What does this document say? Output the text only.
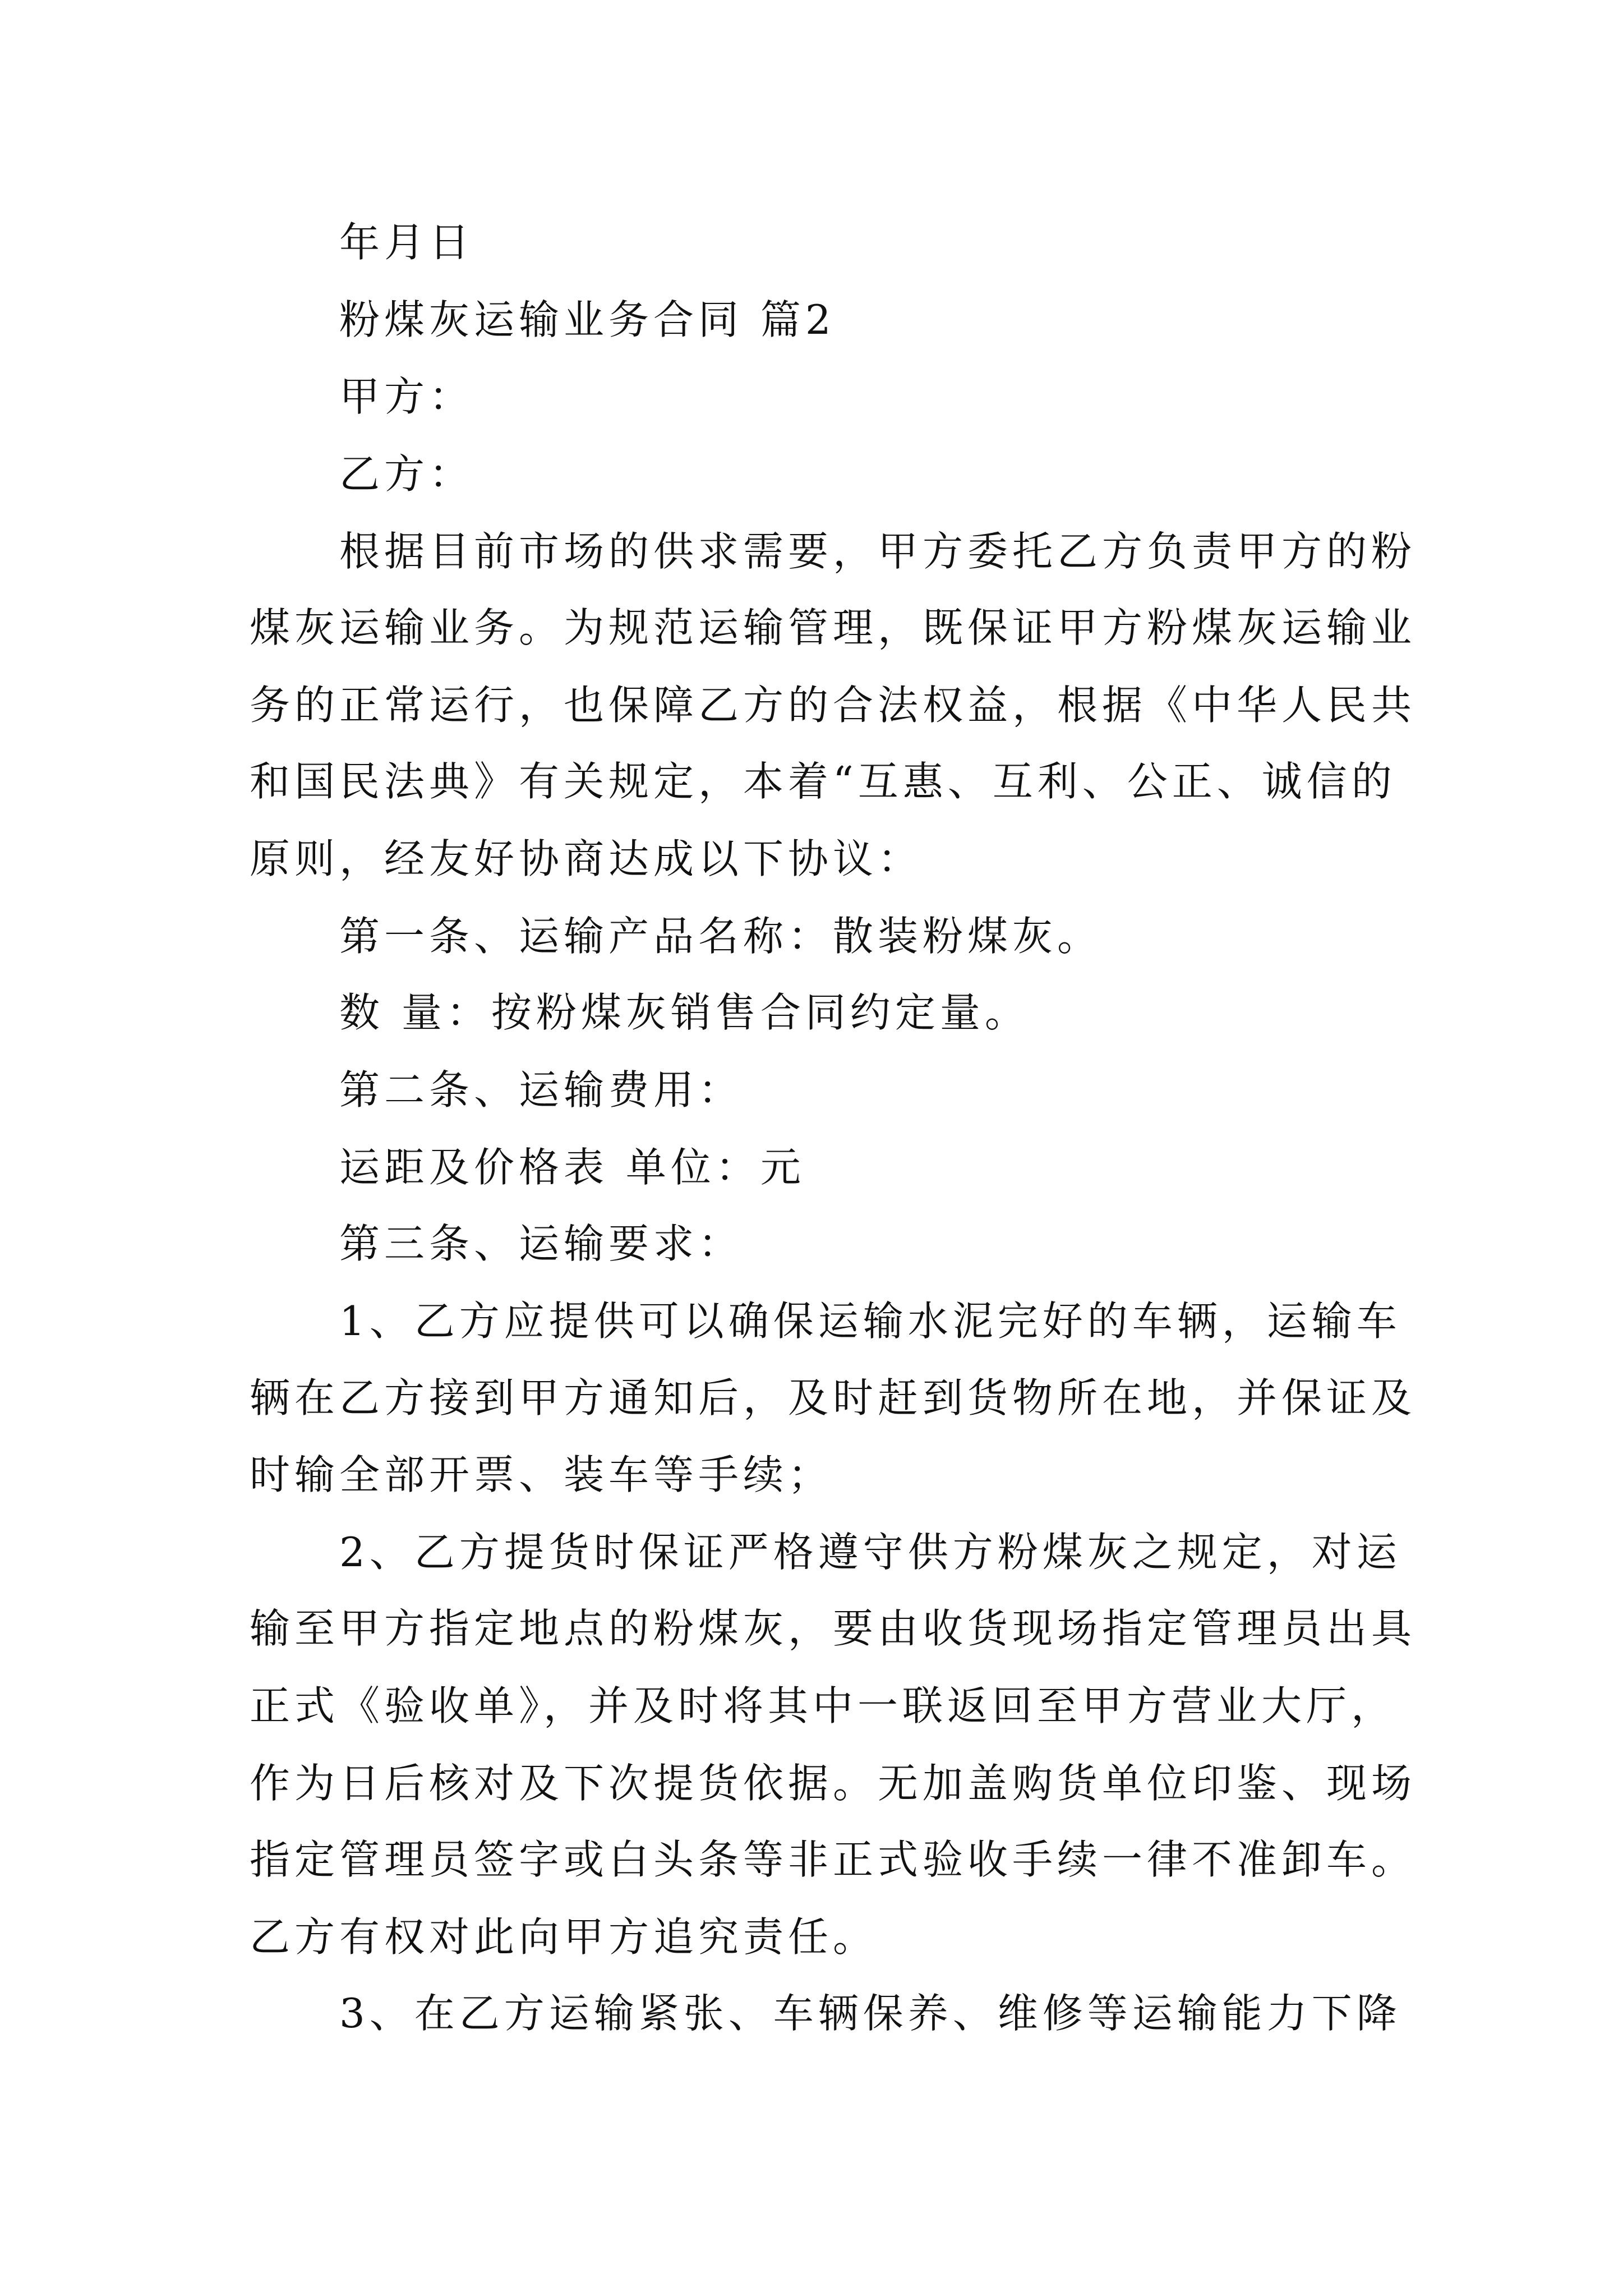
年月日

粉煤灰运输业务合同 篇2

甲方：

乙方：

根据目前市场的供求需要，甲方委托乙方负责甲方的粉

煤灰运输业务。为规范运输管理，既保证甲方粉煤灰运输业

务的正常运行，也保障乙方的合法权益，根据《中华人民共

和国民法典》有关规定，本着“互惠、互利、公正、诚信的

原则，经友好协商达成以下协议：

第一条、运输产品名称：散装粉煤灰。

数 量：按粉煤灰销售合同约定量。

第二条、运输费用：

运距及价格表 单位：元

第三条、运输要求：

1、乙方应提供可以确保运输水泥完好的车辆，运输车

辆在乙方接到甲方通知后，及时赶到货物所在地，并保证及

时输全部开票、装车等手续；

2、乙方提货时保证严格遵守供方粉煤灰之规定，对运

输至甲方指定地点的粉煤灰，要由收货现场指定管理员出具

正式《验收单》，并及时将其中一联返回至甲方营业大厅，

作为日后核对及下次提货依据。无加盖购货单位印鉴、现场

指定管理员签字或白头条等非正式验收手续一律不准卸车。

乙方有权对此向甲方追究责任。

3、在乙方运输紧张、车辆保养、维修等运输能力下降
